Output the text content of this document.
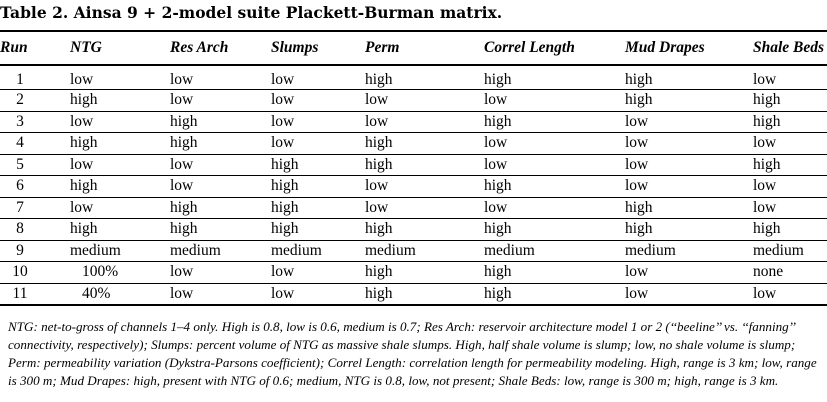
Table 2. Ainsa 9 + 2-model suite Plackett-Burman matrix.
Run	NTG	Res Arch	Slumps	Perm	Correl Length	Mud Drapes	Shale Beds
1	low	low	low	high	high	high	low
2	high	low	low	low	low	high	high
3	low	high	low	low	high	low	high
4	high	high	low	high	low	low	low
5	low	low	high	high	low	low	high
6	high	low	high	low	high	low	low
7	low	high	high	low	low	high	low
8	high	high	high	high	high	high	high
9	medium	medium	medium	medium	medium	medium	medium
10	100%	low	low	high	high	low	none
11	40%	low	low	high	high	low	low
NTG: net-to-gross of channels 1–4 only. High is 0.8, low is 0.6, medium is 0.7; Res Arch: reservoir architecture model 1 or 2 (‘‘beeline’’ vs. ‘‘fanning’’ connectivity, respectively); Slumps: percent volume of NTG as massive shale slumps. High, half shale volume is slump; low, no shale volume is slump; Perm: permeability variation (Dykstra-Parsons coefficient); Correl Length: correlation length for permeability modeling. High, range is 3 km; low, range is 300 m; Mud Drapes: high, present with NTG of 0.6; medium, NTG is 0.8, low, not present; Shale Beds: low, range is 300 m; high, range is 3 km.
